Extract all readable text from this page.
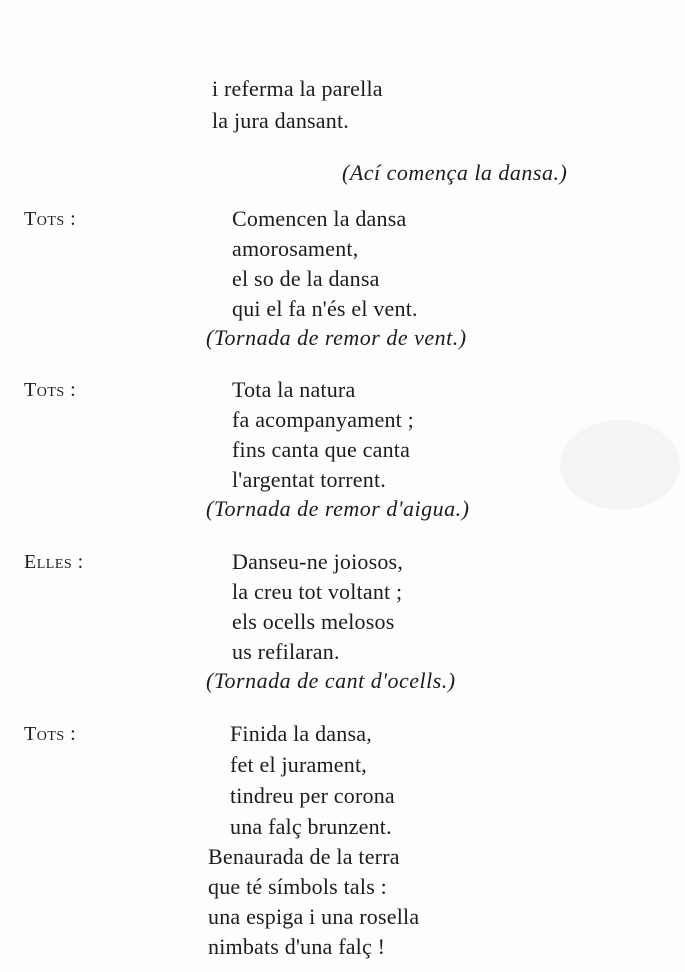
i referma la parella
la jura dansant.
(Ací comença la dansa.)
Tots :	Comencen la dansa
amorosament,
el so de la dansa
qui el fa n'és el vent.
(Tornada de remor de vent.)
Tots :	Tota la natura
fa acompanyament ;
fins canta que canta
l'argentat torrent.
(Tornada de remor d'aigua.)
Elles :	Danseu-ne joiosos,
la creu tot voltant ;
els ocells melosos
us refilaran.
(Tornada de cant d'ocells.)
Tots :	Finida la dansa,
fet el jurament,
tindreu per corona
una falç brunzent.
Benaurada de la terra
que té símbols tals :
una espiga i una rosella
nimbats d'una falç !
